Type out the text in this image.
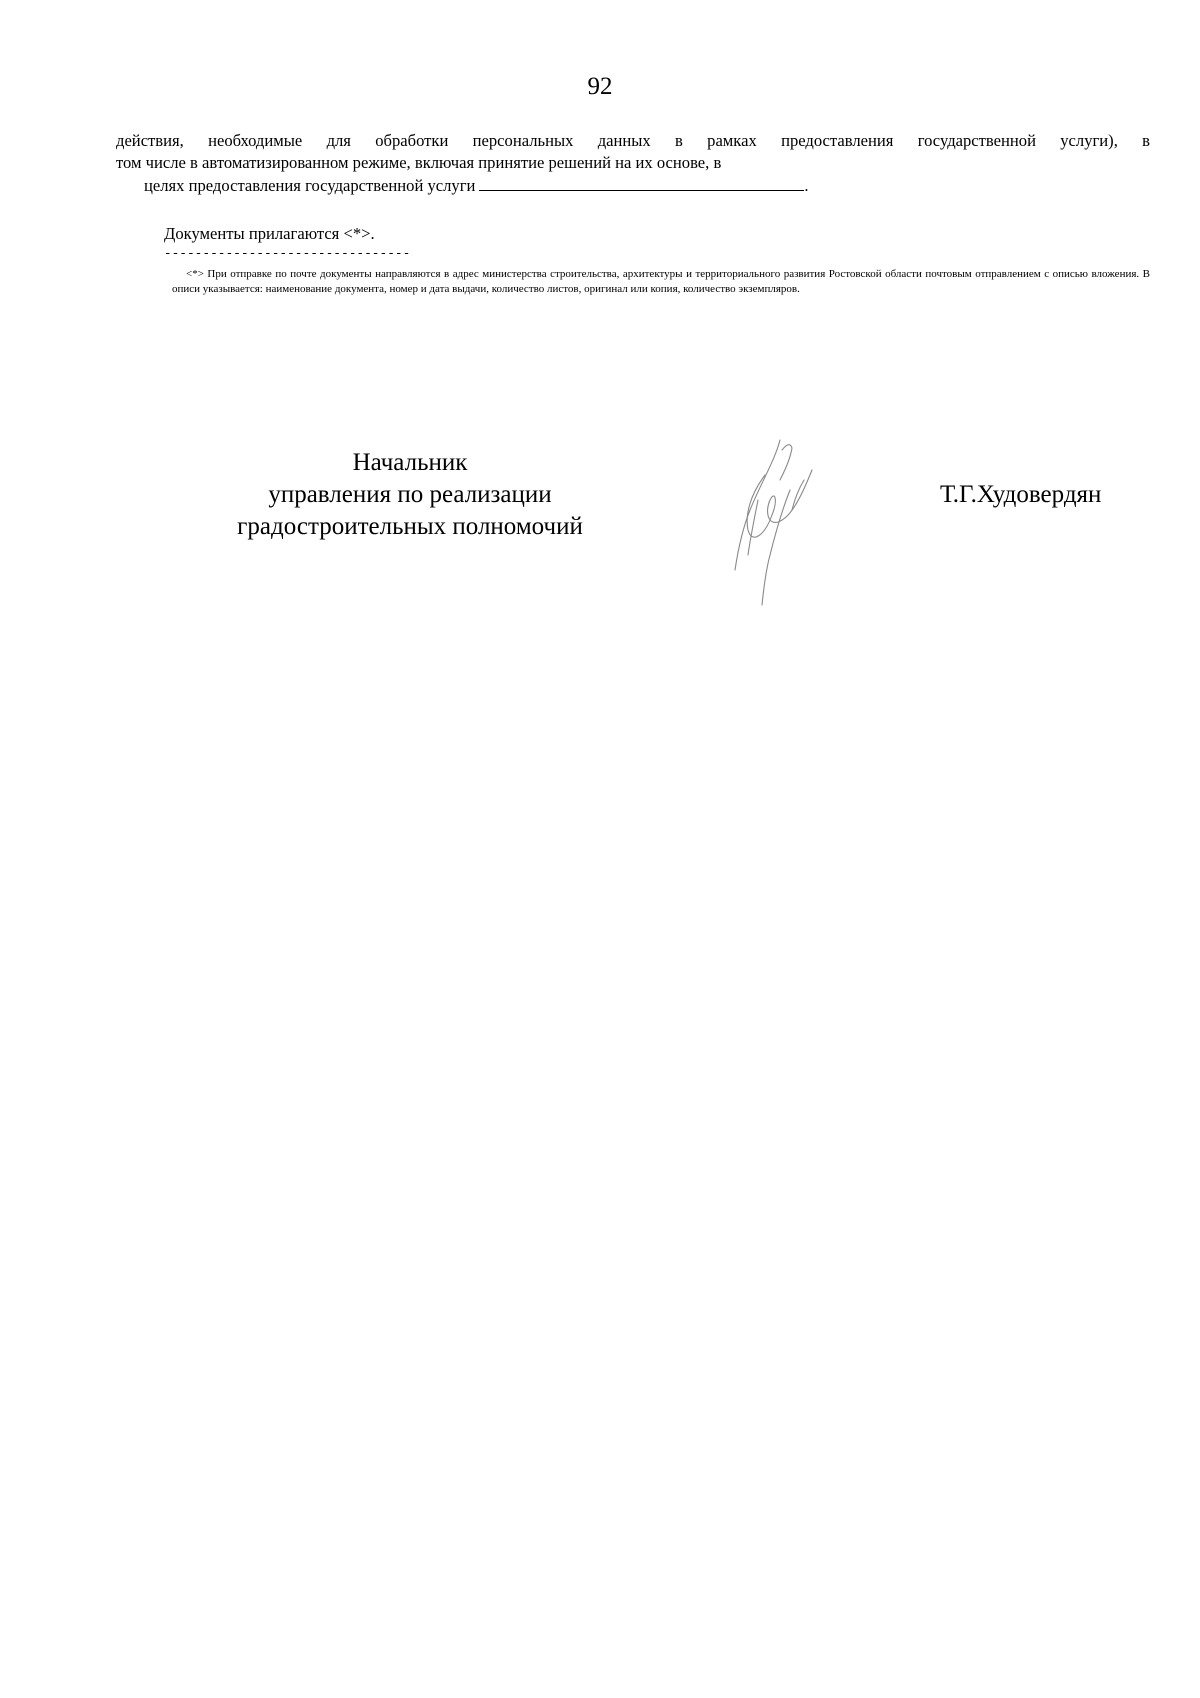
92
действия, необходимые для обработки персональных данных в рамках предоставления государственной услуги), в
том числе в автоматизированном режиме, включая принятие решений на их основе, в
целях предоставления государственной услуги	.
Документы прилагаются <*>.
--------------------------------
<*> При отправке по почте документы направляются в адрес министерства строительства, архитектуры и территориального развития Ростовской области почтовым отправлением с описью вложения. В описи указывается: наименование документа, номер и дата выдачи, количество листов, оригинал или копия, количество экземпляров.
Начальник
управления по реализации
градостроительных полномочий
Т.Г.Худовердян
